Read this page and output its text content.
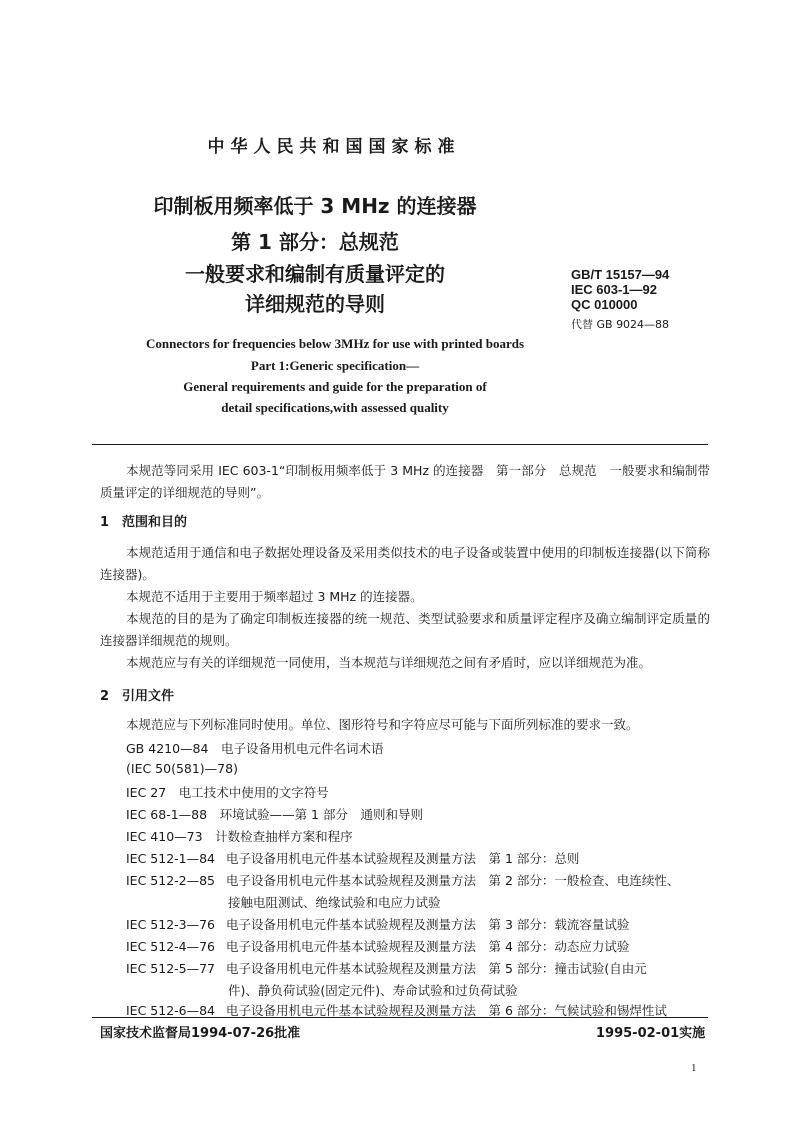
中华人民共和国国家标准
印制板用频率低于 3 MHz 的连接器
第 1 部分：总规范
一般要求和编制有质量评定的
详细规范的导则
GB/T 15157—94
IEC 603-1—92
QC 010000
代替 GB 9024—88
Connectors for frequencies below 3MHz for use with printed boards
Part 1:Generic specification—
General requirements and guide for the preparation of
detail specifications,with assessed quality

本规范等同采用 IEC 603-1“印制板用频率低于 3 MHz 的连接器　第一部分　总规范　一般要求和编制带质量评定的详细规范的导则”。

1 范围和目的

本规范适用于通信和电子数据处理设备及采用类似技术的电子设备或装置中使用的印制板连接器(以下简称连接器)。

本规范不适用于主要用于频率超过 3 MHz 的连接器。

本规范的目的是为了确定印制板连接器的统一规范、类型试验要求和质量评定程序及确立编制评定质量的连接器详细规范的规则。

本规范应与有关的详细规范一同使用，当本规范与详细规范之间有矛盾时，应以详细规范为准。

2 引用文件

本规范应与下列标准同时使用。单位、图形符号和字符应尽可能与下面所列标准的要求一致。

GB 4210—84　 电子设备用机电元件名词术语
(IEC 50(581)—78)
IEC 27　 电工技术中使用的文字符号
IEC 68-1—88　 环境试验——第 1 部分　通则和导则
IEC 410—73　 计数检查抽样方案和程序
IEC 512-1—84 电子设备用机电元件基本试验规程及测量方法　第 1 部分：总则
IEC 512-2—85 电子设备用机电元件基本试验规程及测量方法　第 2 部分：一般检查、电连续性、
接触电阻测试、绝缘试验和电应力试验
IEC 512-3—76 电子设备用机电元件基本试验规程及测量方法　第 3 部分：载流容量试验
IEC 512-4—76 电子设备用机电元件基本试验规程及测量方法　第 4 部分：动态应力试验
IEC 512-5—77 电子设备用机电元件基本试验规程及测量方法　第 5 部分：撞击试验(自由元
件)、静负荷试验(固定元件)、寿命试验和过负荷试验
IEC 512-6—84 电子设备用机电元件基本试验规程及测量方法　第 6 部分：气候试验和锡焊性试
国家技术监督局1994-07-26批准	1995-02-01实施
1
